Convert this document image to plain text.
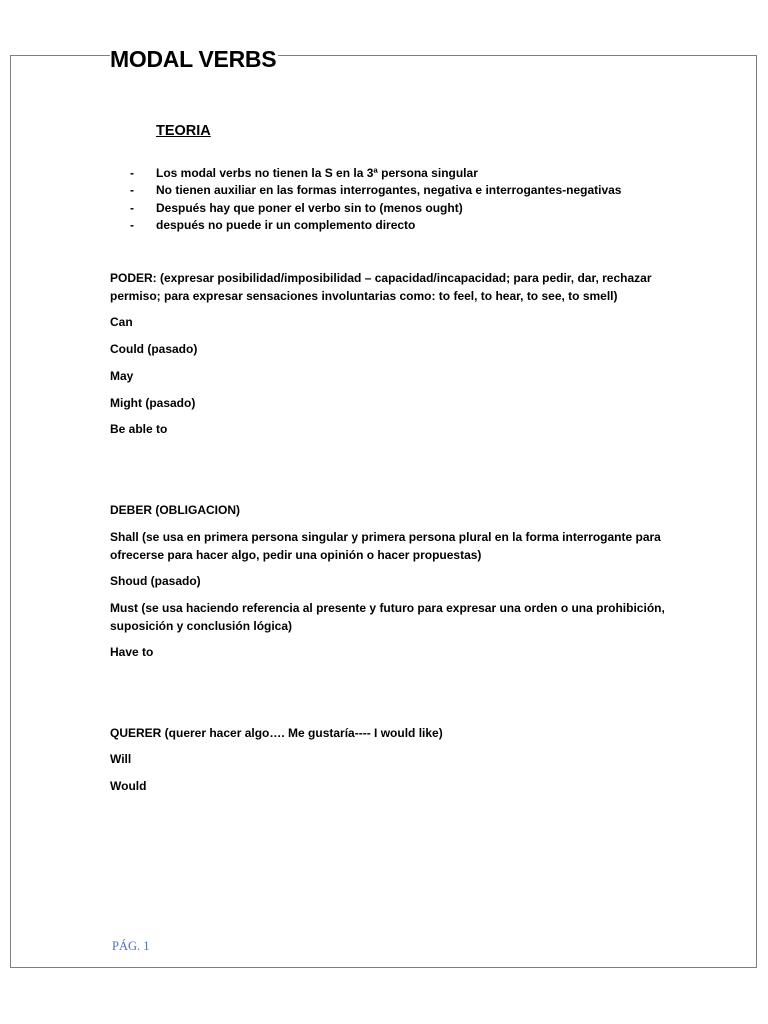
MODAL VERBS
TEORIA
- Los modal verbs no tienen la S en la 3ª persona singular
- No tienen auxiliar en las formas interrogantes, negativa e interrogantes-negativas
- Después hay que poner el verbo sin to (menos ought)
- después no puede ir un complemento directo

PODER: (expresar posibilidad/imposibilidad – capacidad/incapacidad; para pedir, dar, rechazar permiso; para expresar sensaciones involuntarias como: to feel, to hear, to see, to smell)

Can

Could (pasado)

May

Might (pasado)

Be able to

DEBER (OBLIGACION)

Shall (se usa en primera persona singular y primera persona plural en la forma interrogante para ofrecerse para hacer algo, pedir una opinión o hacer propuestas)

Shoud (pasado)

Must (se usa haciendo referencia al presente y futuro para expresar una orden o una prohibición, suposición y conclusión lógica)

Have to

QUERER (querer hacer algo…. Me gustaría---- I would like)

Will

Would

PÁG. 1
